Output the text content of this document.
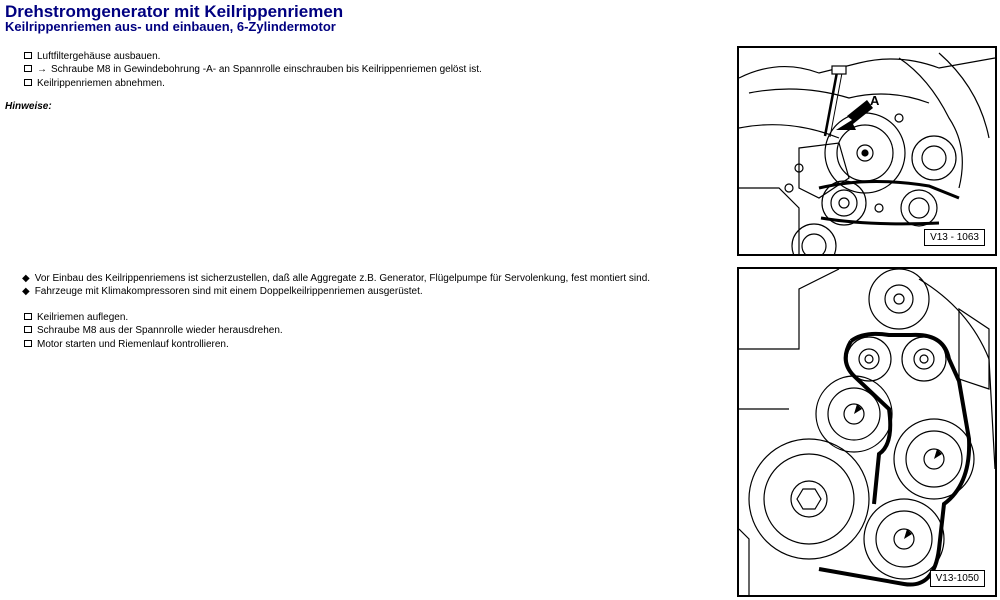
Drehstromgenerator mit Keilrippenriemen
Keilrippenriemen aus- und einbauen, 6-Zylindermotor
Luftfiltergehäuse ausbauen.
→ Schraube M8 in Gewindebohrung -A- an Spannrolle einschrauben bis Keilrippenriemen gelöst ist.
Keilrippenriemen abnehmen.
Hinweise:
◆ Vor Einbau des Keilrippenriemens ist sicherzustellen, daß alle Aggregate z.B. Generator, Flügelpumpe für Servolenkung, fest montiert sind.
◆ Fahrzeuge mit Klimakompressoren sind mit einem Doppelkeilrippenriemen ausgerüstet.
Keilriemen auflegen.
Schraube M8 aus der Spannrolle wieder herausdrehen.
Motor starten und Riemenlauf kontrollieren.
A
V13 - 1063
V13-1050
